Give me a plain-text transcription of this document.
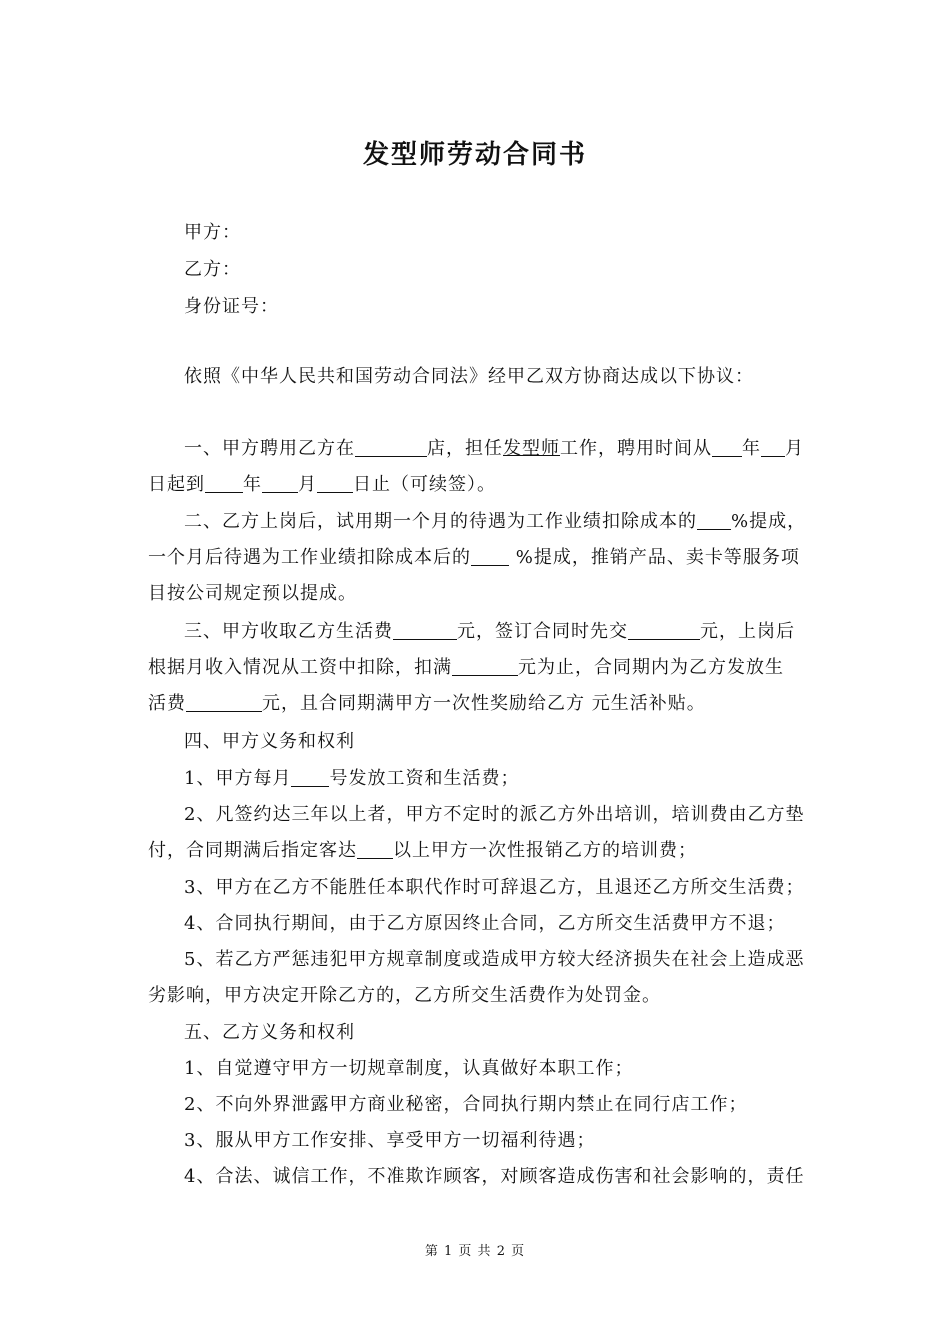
发型师劳动合同书
甲方：
乙方：
身份证号：
依照《中华人民共和国劳动合同法》经甲乙双方协商达成以下协议：
一、甲方聘用乙方在	店，担任发型师工作，聘用时间从 年 月
日起到 年 月 日止（可续签）。
二、乙方上岗后，试用期一个月的待遇为工作业绩扣除成本的 %提成，
一个月后待遇为工作业绩扣除成本后的 %提成，推销产品、卖卡等服务项
目按公司规定预以提成。
三、甲方收取乙方生活费	元，签订合同时先交	元，上岗后
根据月收入情况从工资中扣除，扣满	元为止，合同期内为乙方发放生
活费	元，且合同期满甲方一次性奖励给乙方 元生活补贴。
四、甲方义务和权利
1、甲方每月 号发放工资和生活费；
2、凡签约达三年以上者，甲方不定时的派乙方外出培训，培训费由乙方垫
付，合同期满后指定客达 以上甲方一次性报销乙方的培训费；
3、甲方在乙方不能胜任本职代作时可辞退乙方，且退还乙方所交生活费；
4、合同执行期间，由于乙方原因终止合同，乙方所交生活费甲方不退；
5、若乙方严惩违犯甲方规章制度或造成甲方较大经济损失在社会上造成恶
劣影响，甲方决定开除乙方的，乙方所交生活费作为处罚金。
五、乙方义务和权利
1、自觉遵守甲方一切规章制度，认真做好本职工作；
2、不向外界泄露甲方商业秘密，合同执行期内禁止在同行店工作；
3、服从甲方工作安排、享受甲方一切福利待遇；
4、合法、诚信工作，不准欺诈顾客，对顾客造成伤害和社会影响的，责任
第 1 页 共 2 页
